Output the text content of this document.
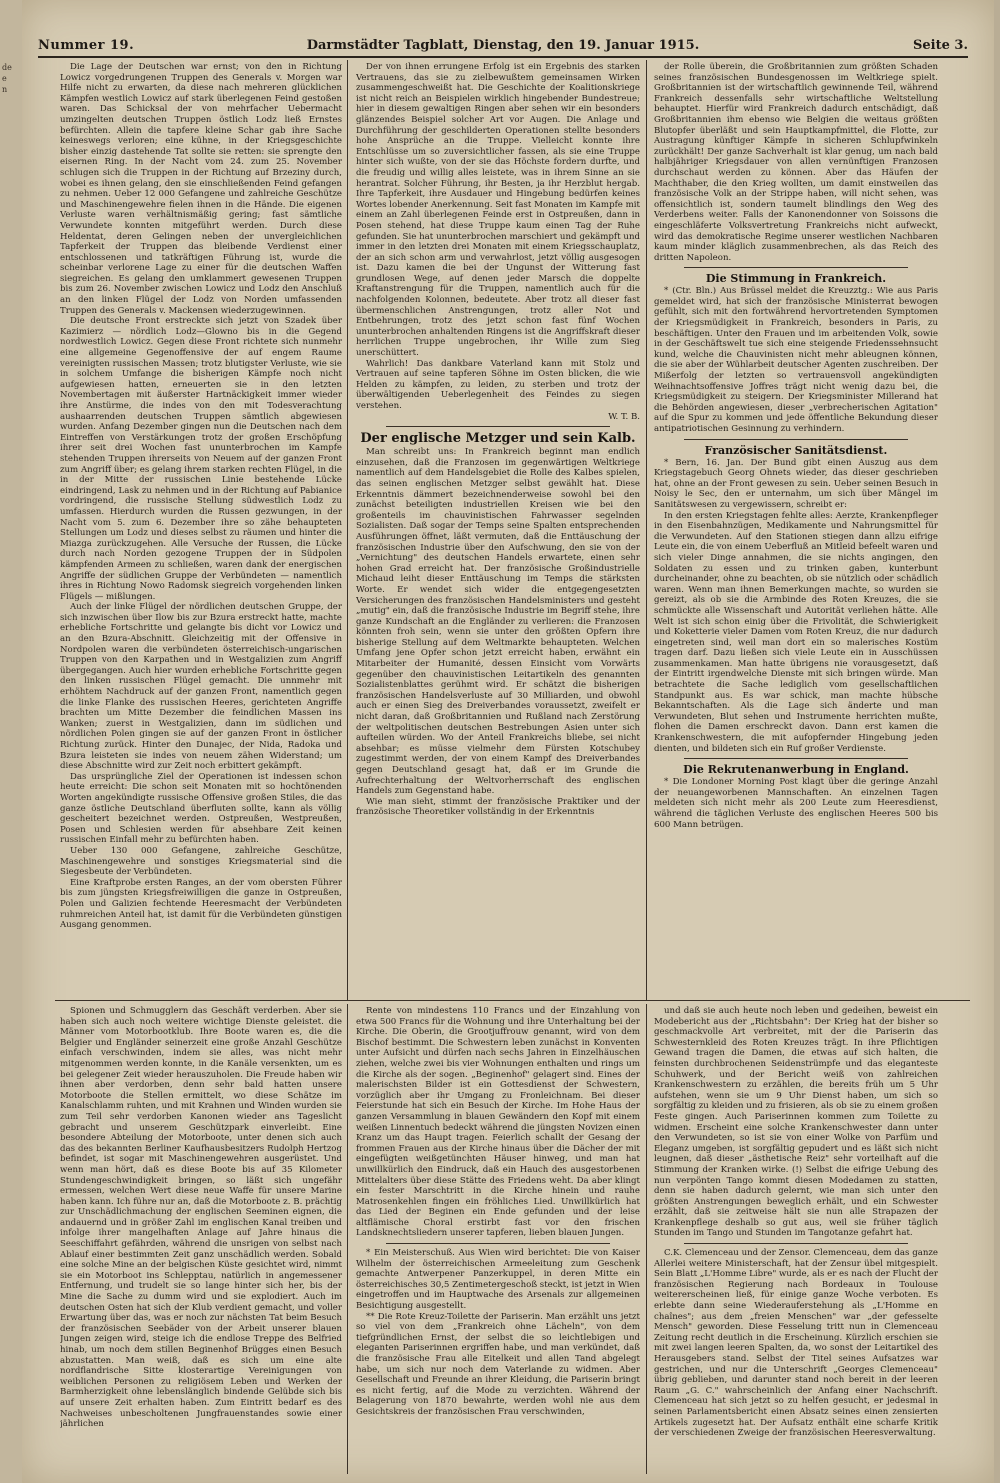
de
e
n
Darmstädter Tagblatt, Dienstag, den 19. Januar 1915.
Nummer 19.	Seite 3.

Die Lage der Deutschen war ernst; von den in Richtung Lowicz vorgedrungenen Truppen des Generals v. Morgen war Hilfe nicht zu erwarten, da diese nach mehreren glücklichen Kämpfen westlich Lowicz auf stark überlegenen Feind gestoßen waren. Das Schicksal der von mehrfacher Uebermacht umzingelten deutschen Truppen östlich Lodz ließ Ernstes befürchten. Allein die tapfere kleine Schar gab ihre Sache keineswegs verloren; eine kühne, in der Kriegsgeschichte bisher einzig dastehende Tat sollte sie retten: sie sprengte den eisernen Ring. In der Nacht vom 24. zum 25. November schlugen sich die Truppen in der Richtung auf Brzeziny durch, wobei es ihnen gelang, den sie einschließenden Feind gefangen zu nehmen. Ueber 12 000 Gefangene und zahlreiche Geschütze und Maschinengewehre fielen ihnen in die Hände. Die eigenen Verluste waren verhältnismäßig gering; fast sämtliche Verwundete konnten mitgeführt werden. Durch diese Heldentat, deren Gelingen neben der unvergleichlichen Tapferkeit der Truppen das bleibende Verdienst einer entschlossenen und tatkräftigen Führung ist, wurde die scheinbar verlorene Lage zu einer für die deutschen Waffen siegreichen. Es gelang den umklammert gewesenen Truppen bis zum 26. November zwischen Lowicz und Lodz den Anschluß an den linken Flügel der Lodz von Norden umfassenden Truppen des Generals v. Mackensen wiederzugewinnen.

Die deutsche Front erstreckte sich jetzt von Szadek über Kazimierz — nördlich Lodz—Glowno bis in die Gegend nordwestlich Lowicz. Gegen diese Front richtete sich nunmehr eine allgemeine Gegenoffensive der auf engem Raume vereinigten russischen Massen; trotz blutigster Verluste, wie sie in solchem Umfange die bisherigen Kämpfe noch nicht aufgewiesen hatten, erneuerten sie in den letzten Novembertagen mit äußerster Hartnäckigkeit immer wieder ihre Anstürme, die indes von den mit Todesverachtung aushaarrenden deutschen Truppen sämtlich abgewiesen wurden. Anfang Dezember gingen nun die Deutschen nach dem Eintreffen von Verstärkungen trotz der großen Erschöpfung ihrer seit drei Wochen fast ununterbrochen im Kampfe stehenden Truppen ihrerseits von Neuem auf der ganzen Front zum Angriff über; es gelang ihrem starken rechten Flügel, in die in der Mitte der russischen Linie bestehende Lücke eindringend, Lask zu nehmen und in der Richtung auf Pabianice vordringend, die russische Stellung südwestlich Lodz zu umfassen. Hierdurch wurden die Russen gezwungen, in der Nacht vom 5. zum 6. Dezember ihre so zähe behaupteten Stellungen um Lodz und dieses selbst zu räumen und hinter die Miazga zurückzugehen. Alle Versuche der Russen, die Lücke durch nach Norden gezogene Truppen der in Südpolen kämpfenden Armeen zu schließen, waren dank der energischen Angriffe der südlichen Gruppe der Verbündeten — namentlich ihres in Richtung Nowo Radomsk siegreich vorgehenden linken Flügels — mißlungen.

Auch der linke Flügel der nördlichen deutschen Gruppe, der sich inzwischen über Ilow bis zur Bzura erstreckt hatte, machte erhebliche Fortschritte und gelangte bis dicht vor Lowicz und an den Bzura-Abschnitt. Gleichzeitig mit der Offensive in Nordpolen waren die verbündeten österreichisch-ungarischen Truppen von den Karpathen und in Westgalizien zum Angriff übergegangen. Auch hier wurden erhebliche Fortschritte gegen den linken russischen Flügel gemacht. Die unnmehr mit erhöhtem Nachdruck auf der ganzen Front, namentlich gegen die linke Flanke des russischen Heeres, gerichteten Angriffe brachten um Mitte Dezember die feindlichen Massen ins Wanken; zuerst in Westgalizien, dann im südlichen und nördlichen Polen gingen sie auf der ganzen Front in östlicher Richtung zurück. Hinter den Dunajec, der Nida, Radoka und Bzura leisteten sie indes von neuem zähen Widerstand; um diese Abschnitte wird zur Zeit noch erbittert gekämpft.

Das ursprüngliche Ziel der Operationen ist indessen schon heute erreicht: Die schon seit Monaten mit so hochtönenden Worten angekündigte russische Offensive großen Stiles, die das ganze östliche Deutschland überfluten sollte, kann als völlig gescheitert bezeichnet werden. Ostpreußen, Westpreußen, Posen und Schlesien werden für absehbare Zeit keinen russischen Einfall mehr zu befürchten haben.

Ueber 130 000 Gefangene, zahlreiche Geschütze, Maschinengewehre und sonstiges Kriegsmaterial sind die Siegesbeute der Verbündeten.

Eine Kraftprobe ersten Ranges, an der vom obersten Führer bis zum jüngsten Kriegsfreiwilligen die ganze in Ostpreußen, Polen und Galizien fechtende Heeresmacht der Verbündeten ruhmreichen Anteil hat, ist damit für die Verbündeten günstigen Ausgang genommen.

Der von ihnen errungene Erfolg ist ein Ergebnis des starken Vertrauens, das sie zu zielbewußtem gemeinsamen Wirken zusammengeschweißt hat. Die Geschichte der Koalitionskriege ist nicht reich an Beispielen wirklich hingebender Bundestreue; hier in diesem gewaltigen Ringen aber sehen wir ein besonders glänzendes Beispiel solcher Art vor Augen. Die Anlage und Durchführung der geschilderten Operationen stellte besonders hohe Ansprüche an die Truppe. Vielleicht konnte ihre Entschlüsse um so zuversichtlicher fassen, als sie eine Truppe hinter sich wußte, von der sie das Höchste fordern durfte, und die freudig und willig alles leistete, was in ihrem Sinne an sie herantrat. Solcher Führung, ihr Besten, ja ihr Herzblut hergab. Ihre Tapferkeit, ihre Ausdauer und Hingebung bedürfen keines Wortes lobender Anerkennung. Seit fast Monaten im Kampfe mit einem an Zahl überlegenen Feinde erst in Ostpreußen, dann in Posen stehend, hat diese Truppe kaum einen Tag der Ruhe gefunden. Sie hat ununterbrochen marschiert und gekämpft und immer in den letzten drei Monaten mit einem Kriegsschauplatz, der an sich schon arm und verwahrlost, jetzt völlig ausgesogen ist. Dazu kamen die bei der Ungunst der Witterung fast grundlosen Wege, auf denen jeder Marsch die doppelte Kraftanstrengung für die Truppen, namentlich auch für die nachfolgenden Kolonnen, bedeutete. Aber trotz all dieser fast übermenschlichen Anstrengungen, trotz aller Not und Entbehrungen, trotz des jetzt schon fast fünf Wochen ununterbrochen anhaltenden Ringens ist die Angriffskraft dieser herrlichen Truppe ungebrochen, ihr Wille zum Sieg unerschüttert.

Wahrlich! Das dankbare Vaterland kann mit Stolz und Vertrauen auf seine tapferen Söhne im Osten blicken, die wie Helden zu kämpfen, zu leiden, zu sterben und trotz der überwältigenden Ueberlegenheit des Feindes zu siegen verstehen.

W. T. B.

Der englische Metzger und sein Kalb.

Man schreibt uns: In Frankreich beginnt man endlich einzusehen, daß die Franzosen im gegenwärtigen Weltkriege namentlich auf dem Handelsgebiet die Rolle des Kalbes spielen, das seinen englischen Metzger selbst gewählt hat. Diese Erkenntnis dämmert bezeichnenderweise sowohl bei den zunächst beteiligten industriellen Kreisen wie bei den großenteils im chauvinistischen Fahrwasser segelnden Sozialisten. Daß sogar der Temps seine Spalten entsprechenden Ausführungen öffnet, läßt vermuten, daß die Enttäuschung der französischen Industrie über den Aufschwung, den sie von der „Vernichtung" des deutschen Handels erwartete, einen sehr hohen Grad erreicht hat. Der französische Großindustrielle Michaud leiht dieser Enttäuschung im Temps die stärksten Worte. Er wendet sich wider die entgegengesetzten Versicherungen des französischen Handelsministers und gesteht „mutig" ein, daß die französische Industrie im Begriff stehe, ihre ganze Kundschaft an die Engländer zu verlieren: die Franzosen könnten froh sein, wenn sie unter den größten Opfern ihre bisherige Stellung auf dem Weltmarkte behaupteten. Welchen Umfang jene Opfer schon jetzt erreicht haben, erwähnt ein Mitarbeiter der Humanité, dessen Einsicht vom Vorwärts gegenüber den chauvinistischen Leitartikeln des genannten Sozialistenblattes gerühmt wird. Er schätzt die bisherigen französischen Handelsverluste auf 30 Milliarden, und obwohl auch er einen Sieg des Dreiverbandes voraussetzt, zweifelt er nicht daran, daß Großbritannien und Rußland nach Zerstörung der weltpolitischen deutschen Bestrebungen Asien unter sich aufteilen würden. Wo der Anteil Frankreichs bliebe, sei nicht absehbar; es müsse vielmehr dem Fürsten Kotschubey zugestimmt werden, der von einem Kampf des Dreiverbandes gegen Deutschland gesagt hat, daß er im Grunde die Aufrechterhaltung der Weltvorherrschaft des englischen Handels zum Gegenstand habe.

Wie man sieht, stimmt der französische Praktiker und der französische Theoretiker vollständig in der Erkenntnis

der Rolle überein, die Großbritannien zum größten Schaden seines französischen Bundesgenossen im Weltkriege spielt. Großbritannien ist der wirtschaftlich gewinnende Teil, während Frankreich dessenfalls sehr wirtschaftliche Weltstellung behauptet. Hierfür wird Frankreich dadurch entschädigt, daß Großbritannien ihm ebenso wie Belgien die weitaus größten Blutopfer überläßt und sein Hauptkampfmittel, die Flotte, zur Austragung künftiger Kämpfe in sicheren Schlupfwinkeln zurückhält! Der ganze Sachverhalt ist klar genug, um nach bald halbjähriger Kriegsdauer von allen vernünftigen Franzosen durchschaut werden zu können. Aber das Häufen der Machthaber, die den Krieg wollten, um damit einstweilen das französische Volk an der Strippe haben, will nicht sehen, was offensichtlich ist, sondern taumelt blindlings den Weg des Verderbens weiter. Falls der Kanonendonner von Soissons die eingeschläferte Volksvertretung Frankreichs nicht aufweckt, wird das demokratische Regime unserer westlichen Nachbaren kaum minder kläglich zusammenbrechen, als das Reich des dritten Napoleon.

Die Stimmung in Frankreich.

* (Ctr. Bln.) Aus Brüssel meldet die Kreuzztg.: Wie aus Paris gemeldet wird, hat sich der französische Ministerrat bewogen gefühlt, sich mit den fortwährend hervortretenden Symptomen der Kriegsmüdigkeit in Frankreich, besonders in Paris, zu beschäftigen. Unter den Frauen und im arbeitenden Volk, sowie in der Geschäftswelt tue sich eine steigende Friedenssehnsucht kund, welche die Chauvinisten nicht mehr ableugnen können, die sie aber der Wühlarbeit deutscher Agenten zuschreiben. Der Mißerfolg der letzten so vertrauensvoll angekündigten Weihnachtsoffensive Joffres trägt nicht wenig dazu bei, die Kriegsmüdigkeit zu steigern. Der Kriegsminister Millerand hat die Behörden angewiesen, dieser „verbrecherischen Agitation" auf die Spur zu kommen und jede öffentliche Bekundung dieser antipatriotischen Gesinnung zu verhindern.

Französischer Sanitätsdienst.

* Bern, 16. Jan. Der Bund gibt einen Auszug aus dem Kriegstagebuch Georg Ohnets wieder, das dieser geschrieben hat, ohne an der Front gewesen zu sein. Ueber seinen Besuch in Noisy le Sec, den er unternahm, um sich über Mängel im Sanitätswesen zu vergewissern, schreibt er:

In den ersten Kriegstagen fehlte alles: Aerzte, Krankenpfleger in den Eisenbahnzügen, Medikamente und Nahrungsmittel für die Verwundeten. Auf den Stationen stiegen dann allzu eifrige Leute ein, die von einem Ueberfluß an Mitleid befeelt waren und sich vieler Dinge annahmen, die sie nichts angingen, den Soldaten zu essen und zu trinken gaben, kunterbunt durcheinander, ohne zu beachten, ob sie nützlich oder schädlich waren. Wenn man ihnen Bemerkungen machte, so wurden sie gereizt, als ob sie die Armbinde des Roten Kreuzes, die sie schmückte alle Wissenschaft und Autorität verliehen hätte. Alle Welt ist sich schon einig über die Frivolität, die Schwierigkeit und Koketterie vieler Damen vom Roten Kreuz, die nur dadurch eingetreten sind, weil man dort ein so malerisches Kostüm tragen darf. Dazu ließen sich viele Leute ein in Ausschüssen zusammenkamen. Man hatte übrigens nie vorausgesetzt, daß der Eintritt irgendwelche Dienste mit sich bringen würde. Man betrachtete die Sache lediglich vom gesellschaftlichen Standpunkt aus. Es war schick, man machte hübsche Bekanntschaften. Als die Lage sich änderte und man Verwundeten, Blut sehen und Instrumente herrichten mußte, flohen die Damen erschreckt davon. Dann erst kamen die Krankenschwestern, die mit aufopfernder Hingebung jeden dienten, und bildeten sich ein Ruf großer Verdienste.

Die Rekrutenanwerbung in England.

* Die Londoner Morning Post klagt über die geringe Anzahl der neuangeworbenen Mannschaften. An einzelnen Tagen meldeten sich nicht mehr als 200 Leute zum Heeresdienst, während die täglichen Verluste des englischen Heeres 500 bis 600 Mann betrügen.

Spionen und Schmugglern das Geschäft verderben. Aber sie haben sich auch noch weitere wichtige Dienste geleistet. die Männer vom Motorbootklub. Ihre Boote waren es, die die Belgier und Engländer seinerzeit eine große Anzahl Geschütze einfach verschwinden, indem sie alles, was nicht mehr mitgenommen werden konnte, in die Kanäle versenkten, um es bei gelegener Zeit wieder herauszuholen. Die Freude haben wir ihnen aber verdorben, denn sehr bald hatten unsere Motorboote die Stellen ermittelt, wo diese Schätze im Kanalschlamm ruhten, und mit Krahnen und Winden wurden sie zum Teil sehr verdorben Kanonen wieder ans Tageslicht gebracht und unserem Geschützpark einverleibt. Eine besondere Abteilung der Motorboote, unter denen sich auch das des bekannten Berliner Kaufhausbesitzers Rudolph Hertzog befindet, ist sogar mit Maschinengewehren ausgerüstet. Und wenn man hört, daß es diese Boote bis auf 35 Kilometer Stundengeschwindigkeit bringen, so läßt sich ungefähr ermessen, welchen Wert diese neue Waffe für unsere Marine haben kann. Ich führe nur an, daß die Motorboote z. B. prächtig zur Unschädlichmachung der englischen Seeminen eignen, die andauernd und in größer Zahl im englischen Kanal treiben und infolge ihrer mangelhaften Anlage auf Jahre hinaus die Seeschiffahrt gefährden, während die unsrigen von selbst nach Ablauf einer bestimmten Zeit ganz unschädlich werden. Sobald eine solche Mine an der belgischen Küste gesichtet wird, nimmt sie ein Motorboot ins Schlepptau, natürlich in angemessener Entfernung, und trudelt sie so lange hinter sich her, bis der Mine die Sache zu dumm wird und sie explodiert. Auch im deutschen Osten hat sich der Klub verdient gemacht, und voller Erwartung über das, was er noch zur nächsten Tat beim Besuch der französischen Seebäder von der Arbeit unserer blauen Jungen zeigen wird, steige ich die endlose Treppe des Belfried hinab, um noch dem stillen Beginenhof Brügges einen Besuch abzustatten. Man weiß, daß es sich um eine alte nordflandrische Sitte klosterartige Vereinigungen von weiblichen Personen zu religiösem Leben und Werken der Barmherzigkeit ohne lebenslänglich bindende Gelübde sich bis auf unsere Zeit erhalten haben. Zum Eintritt bedarf es des Nachweises unbescholtenen Jungfrauenstandes sowie einer jährlichen

Rente von mindestens 110 Francs und der Einzahlung von etwa 500 Francs für die Wohnung und ihre Unterhaltung bei der Kirche. Die Oberin, die Grootjuffrouw genannt, wird von dem Bischof bestimmt. Die Schwestern leben zunächst in Konventen unter Aufsicht und dürfen nach sechs Jahren in Einzelhäuschen ziehen, welche zwei bis vier Wohnungen enthalten und rings um die Kirche als der sogen. „Beginenhof" gelagert sind. Eines der malerischsten Bilder ist ein Gottesdienst der Schwestern, vorzüglich aber ihr Umgang zu Fronleichnam. Bei dieser Feierstunde hat sich ein Besuch der Kirche. Im Hohe Haus der ganzen Versammlung in blauen Gewändern den Kopf mit einem weißen Linnentuch bedeckt während die jüngsten Novizen einen Kranz um das Haupt tragen. Feierlich schallt der Gesang der frommen Frauen aus der Kirche hinaus über die Dächer der mit eingefügten weißgetünchten Häuser hinweg, und man hat unwillkürlich den Eindruck, daß ein Hauch des ausgestorbenen Mittelalters über diese Stätte des Friedens weht. Da aber klingt ein fester Marschtritt in die Kirche hinein und rauhe Matrosenkehlen fingen ein fröhliches Lied. Unwillkürlich hat das Lied der Beginen ein Ende gefunden und der leise altflämische Choral erstirbt fast vor den frischen Landsknechtsliedern unserer tapferen, lieben blauen Jungen.

* Ein Meisterschuß. Aus Wien wird berichtet: Die von Kaiser Wilhelm der österreichischen Armeeleitung zum Geschenk gemachte Antwerpener Panzerkuppel, in deren Mitte ein österreichisches 30,5 Zentimetergeschoß steckt, ist jetzt in Wien eingetroffen und im Hauptwache des Arsenals zur allgemeinen Besichtigung ausgestellt.

** Die Rote Kreuz-Toilette der Pariserin. Man erzählt uns jetzt so viel von dem „Frankreich ohne Lächeln", von dem tiefgründlichen Ernst, der selbst die so leichtlebigen und eleganten Pariserinnen ergriffen habe, und man verkündet, daß die französische Frau alle Eitelkeit und allen Tand abgelegt habe, um sich nur noch dem Vaterlande zu widmen. Aber Gesellschaft und Freunde an ihrer Kleidung, die Pariserin bringt es nicht fertig, auf die Mode zu verzichten. Während der Belagerung von 1870 bewahrte, werden wohl nie aus dem Gesichtskreis der französischen Frau verschwinden,

und daß sie auch heute noch leben und gedeihen, beweist ein Modebericht aus der „Richtsbahn": Der Krieg hat der bisher so geschmackvolle Art verbreitet, mit der die Pariserin das Schwesternkleid des Roten Kreuzes trägt. In ihre Pflichtigen Gewand tragen die Damen, die etwas auf sich halten, die feinsten durchbrochenen Seidenstrümpfe und das eleganteste Schuhwerk, und der Bericht weiß von zahlreichen Krankenschwestern zu erzählen, die bereits früh um 5 Uhr aufstehen, wenn sie um 9 Uhr Dienst haben, um sich so sorgfältig zu kleiden und zu frisieren, als ob sie zu einem großen Feste gingen. Auch Pariserinnen kommen zum Toilette zu widmen. Erscheint eine solche Krankenschwester dann unter den Verwundeten, so ist sie von einer Wolke von Parfüm und Eleganz umgeben, ist sorgfältig gepudert und es läßt sich nicht leugnen, daß dieser „ästhetische Reiz" sehr vorteilhaft auf die Stimmung der Kranken wirke. (!) Selbst die eifrige Uebung des nun verpönten Tango kommt diesen Modedamen zu statten, denn sie haben dadurch gelernt, wie man sich unter den größten Anstrengungen beweglich erhält, und ein Schwester erzählt, daß sie zeitweise hält sie nun alle Strapazen der Krankenpflege deshalb so gut aus, weil sie früher täglich Stunden im Tango und Stunden im Tangotanze gefahrt hat.

C.K. Clemenceau und der Zensor. Clemenceau, dem das ganze Allerlei weitere Ministerschaft, hat der Zensur übel mitgespielt. Sein Blatt „L'Homme Libre" wurde, als er es nach der Flucht der französischen Regierung nach Bordeaux in Toulouse weitererscheinen ließ, für einige ganze Woche verboten. Es erlebte dann seine Wiederauferstehung als „L'Homme en chaînes"; aus dem „freien Menschen" war „der gefesselte Mensch" geworden. Diese Fesselung tritt nun in Clemenceau Zeitung recht deutlich in die Erscheinung. Kürzlich erschien sie mit zwei langen leeren Spalten, da, wo sonst der Leitartikel des Herausgebers stand. Selbst der Titel seines Aufsatzes war gestrichen, und nur die Unterschrift „Georges Clemenceau" übrig geblieben, und darunter stand noch bereit in der leeren Raum „G. C." wahrscheinlich der Anfang einer Nachschrift. Clemenceau hat sich jetzt so zu helfen gesucht, er jedesmal in seinen Parlamentsbericht einen Absatz seines einen zensierten Artikels zugesetzt hat. Der Aufsatz enthält eine scharfe Kritik der verschiedenen Zweige der französischen Heeresverwaltung.
